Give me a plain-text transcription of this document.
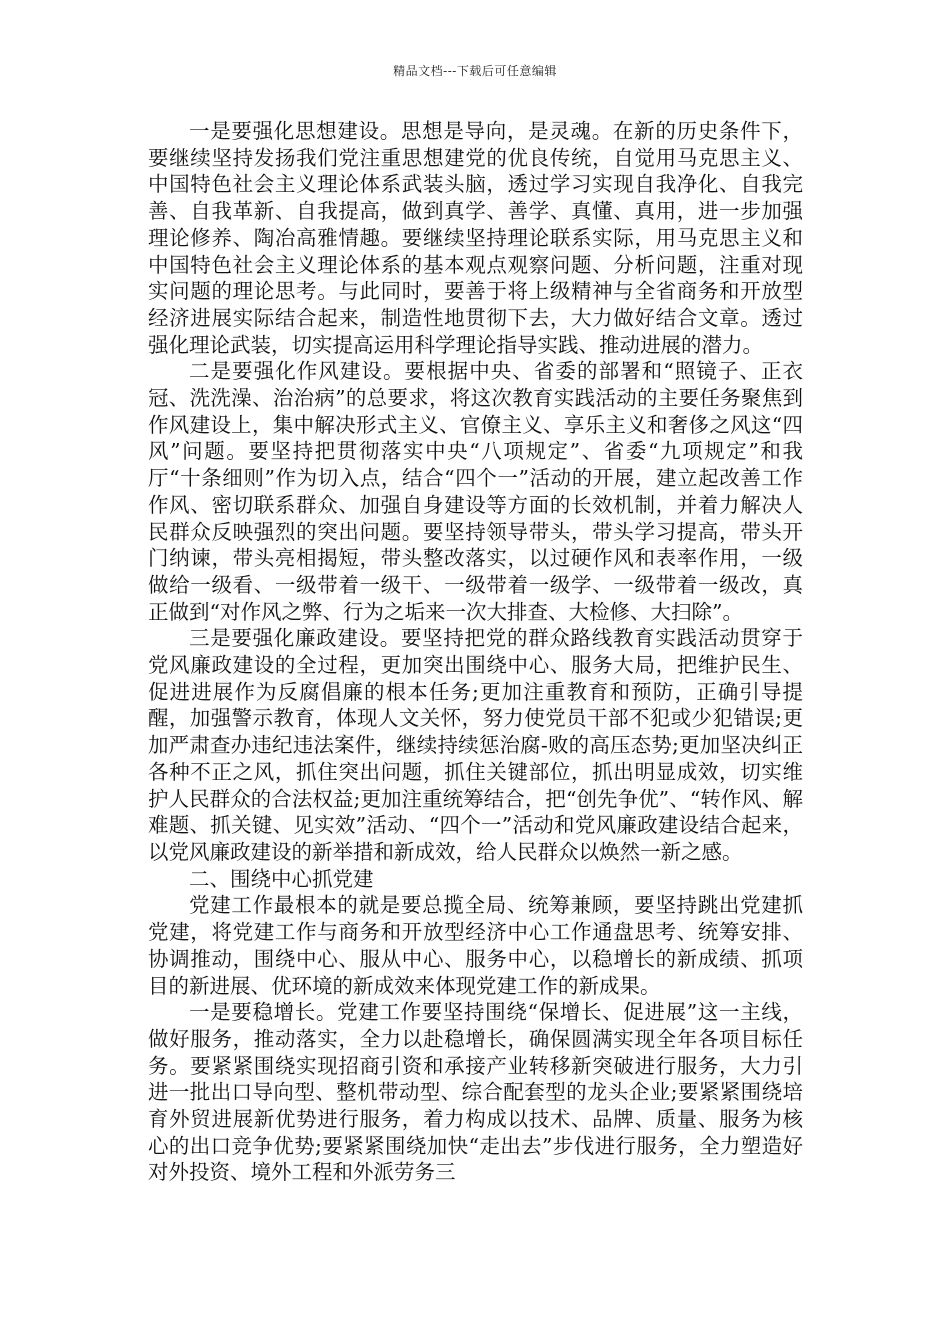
精品文档---下载后可任意编辑

一是要强化思想建设。思想是导向，是灵魂。在新的历史条件下，要继续坚持发扬我们党注重思想建党的优良传统，自觉用马克思主义、中国特色社会主义理论体系武装头脑，透过学习实现自我净化、自我完善、自我革新、自我提高，做到真学、善学、真懂、真用，进一步加强理论修养、陶冶高雅情趣。要继续坚持理论联系实际，用马克思主义和中国特色社会主义理论体系的基本观点观察问题、分析问题，注重对现实问题的理论思考。与此同时，要善于将上级精神与全省商务和开放型经济进展实际结合起来，制造性地贯彻下去，大力做好结合文章。透过强化理论武装，切实提高运用科学理论指导实践、推动进展的潜力。

二是要强化作风建设。要根据中央、省委的部署和“照镜子、正衣冠、洗洗澡、治治病”的总要求，将这次教育实践活动的主要任务聚焦到作风建设上，集中解决形式主义、官僚主义、享乐主义和奢侈之风这“四风”问题。要坚持把贯彻落实中央“八项规定”、省委“九项规定”和我厅“十条细则”作为切入点，结合“四个一”活动的开展，建立起改善工作作风、密切联系群众、加强自身建设等方面的长效机制，并着力解决人民群众反映强烈的突出问题。要坚持领导带头，带头学习提高，带头开门纳谏，带头亮相揭短，带头整改落实，以过硬作风和表率作用，一级做给一级看、一级带着一级干、一级带着一级学、一级带着一级改，真正做到“对作风之弊、行为之垢来一次大排查、大检修、大扫除”。

三是要强化廉政建设。要坚持把党的群众路线教育实践活动贯穿于党风廉政建设的全过程，更加突出围绕中心、服务大局，把维护民生、促进进展作为反腐倡廉的根本任务;更加注重教育和预防，正确引导提醒，加强警示教育，体现人文关怀，努力使党员干部不犯或少犯错误;更加严肃查办违纪违法案件，继续持续惩治腐-败的高压态势;更加坚决纠正各种不正之风，抓住突出问题，抓住关键部位，抓出明显成效，切实维护人民群众的合法权益;更加注重统筹结合，把“创先争优”、“转作风、解难题、抓关键、见实效”活动、“四个一”活动和党风廉政建设结合起来，以党风廉政建设的新举措和新成效，给人民群众以焕然一新之感。

二、围绕中心抓党建

党建工作最根本的就是要总揽全局、统筹兼顾，要坚持跳出党建抓党建，将党建工作与商务和开放型经济中心工作通盘思考、统筹安排、协调推动，围绕中心、服从中心、服务中心，以稳增长的新成绩、抓项目的新进展、优环境的新成效来体现党建工作的新成果。

一是要稳增长。党建工作要坚持围绕“保增长、促进展”这一主线，做好服务，推动落实，全力以赴稳增长，确保圆满实现全年各项目标任务。要紧紧围绕实现招商引资和承接产业转移新突破进行服务，大力引进一批出口导向型、整机带动型、综合配套型的龙头企业;要紧紧围绕培育外贸进展新优势进行服务，着力构成以技术、品牌、质量、服务为核心的出口竞争优势;要紧紧围绕加快“走出去”步伐进行服务，全力塑造好对外投资、境外工程和外派劳务三
